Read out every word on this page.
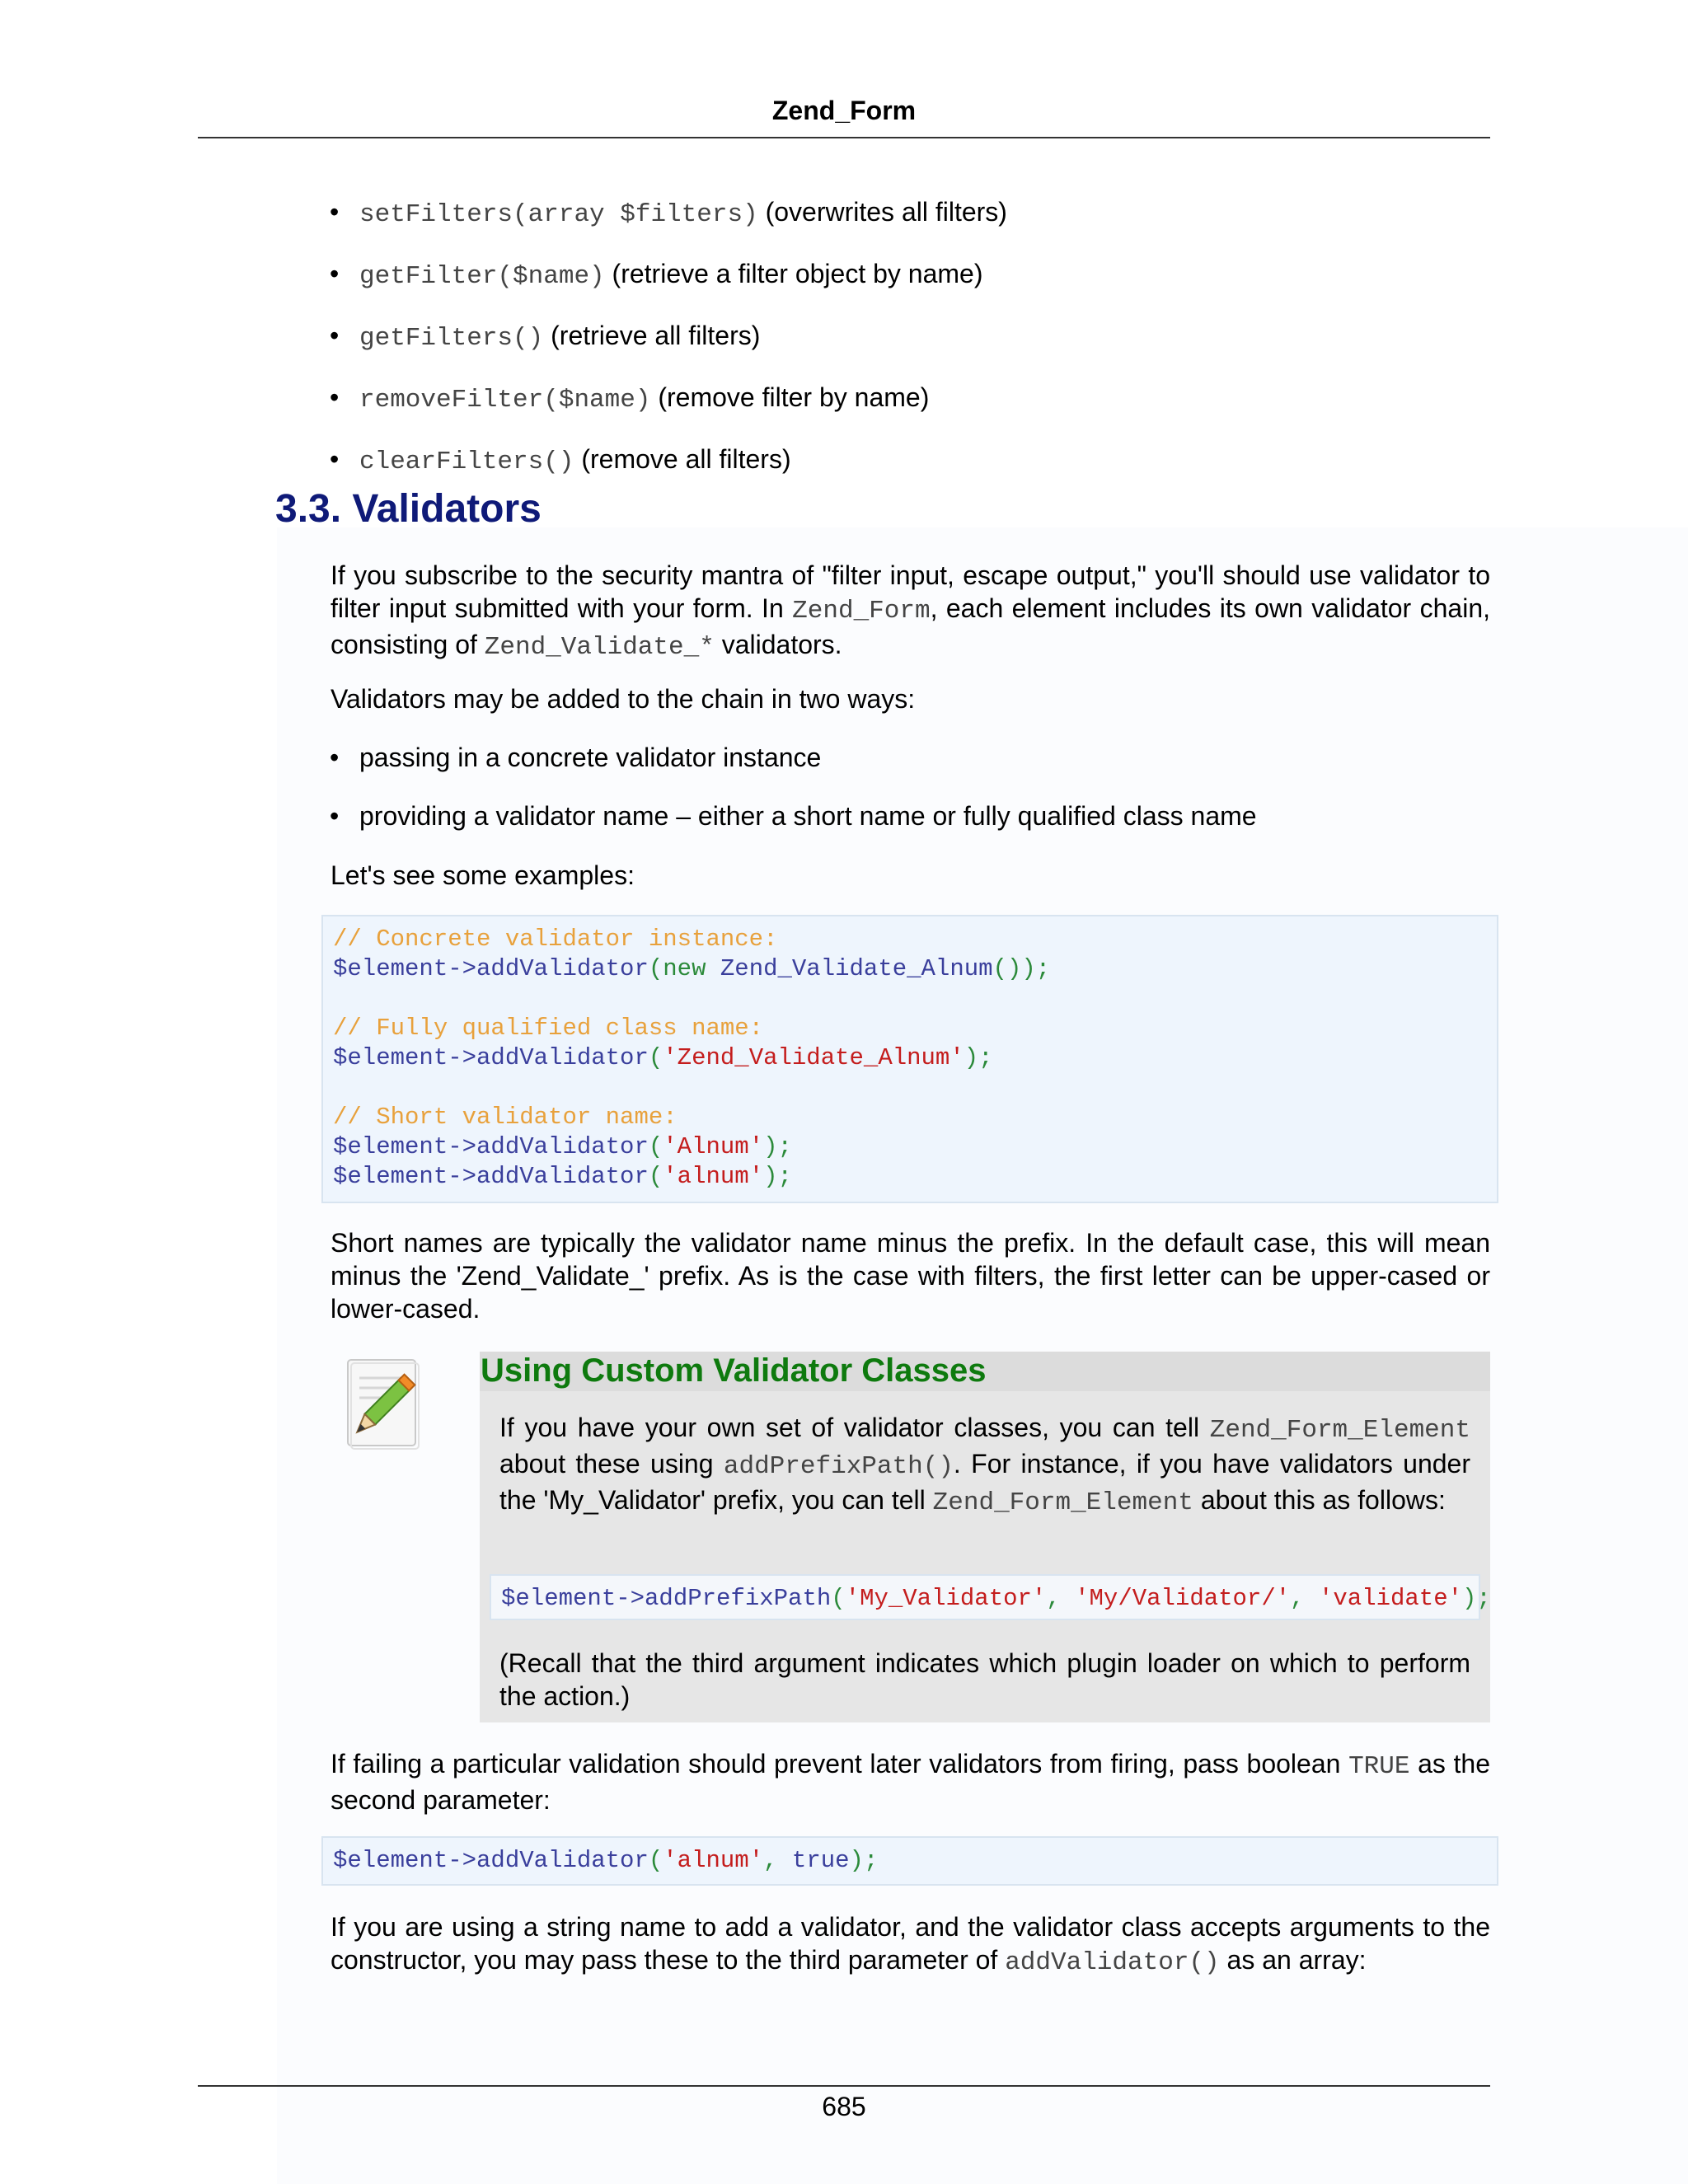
Zend_Form
• setFilters(array $filters) (overwrites all filters)
• getFilter($name) (retrieve a filter object by name)
• getFilters() (retrieve all filters)
• removeFilter($name) (remove filter by name)
• clearFilters() (remove all filters)
3.3. Validators

If you subscribe to the security mantra of "filter input, escape output," you'll should use validator to filter input submitted with your form. In Zend_Form, each element includes its own validator chain, consisting of Zend_Validate_* validators.

Validators may be added to the chain in two ways:

• passing in a concrete validator instance
• providing a validator name – either a short name or fully qualified class name

Let's see some examples:

// Concrete validator instance:
$element->addValidator(new Zend_Validate_Alnum());
// Fully qualified class name:
$element->addValidator('Zend_Validate_Alnum');
// Short validator name:
$element->addValidator('Alnum');
$element->addValidator('alnum');

Short names are typically the validator name minus the prefix. In the default case, this will mean minus the 'Zend_Validate_' prefix. As is the case with filters, the first letter can be upper-cased or lower-cased.

Using Custom Validator Classes

If you have your own set of validator classes, you can tell Zend_Form_Element about these using addPrefixPath(). For instance, if you have validators under the 'My_Validator' prefix, you can tell Zend_Form_Element about this as follows:

$element->addPrefixPath('My_Validator', 'My/Validator/', 'validate');

(Recall that the third argument indicates which plugin loader on which to perform the action.)

If failing a particular validation should prevent later validators from firing, pass boolean TRUE as the second parameter:

$element->addValidator('alnum', true);

If you are using a string name to add a validator, and the validator class accepts arguments to the constructor, you may pass these to the third parameter of addValidator() as an array:

685
